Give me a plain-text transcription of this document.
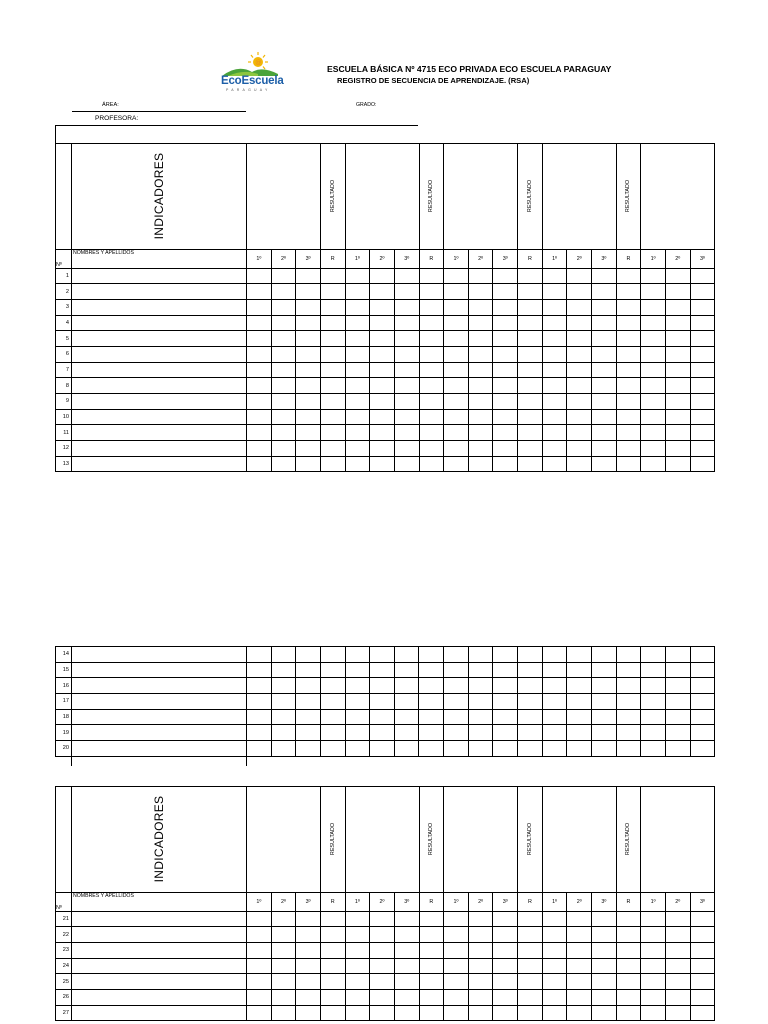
@
EcoEscuela
PARAGUAY
ESCUELA BÁSICA Nº 4715 ECO PRIVADA ECO ESCUELA PARAGUAY
REGISTRO DE SECUENCIA DE APRENDIZAJE. (RSA)
ÁREA:	GRADO:
PROFESORA:

	INDICADORES				RESULTADO				RESULTADO				RESULTADO				RESULTADO			

Nº	NOMBRES Y APELLIDOS	1º	2º	3º	R	1º	2º	3º	R	1º	2º	3º	R	1º	2º	3º	R	1º	2º	3º
1																				
2																				
3																				
4																				
5																				
6																				
7																				
8																				
9																				
10																				
11																				
12																				
13																				
14																				
15																				
16																				
17																				
18																				
19																				
20																				

	INDICADORES				RESULTADO				RESULTADO				RESULTADO				RESULTADO			

Nº	NOMBRES Y APELLIDOS	1º	2º	3º	R	1º	2º	3º	R	1º	2º	3º	R	1º	2º	3º	R	1º	2º	3º
21																				
22																				
23																				
24																				
25																				
26																				
27																				
